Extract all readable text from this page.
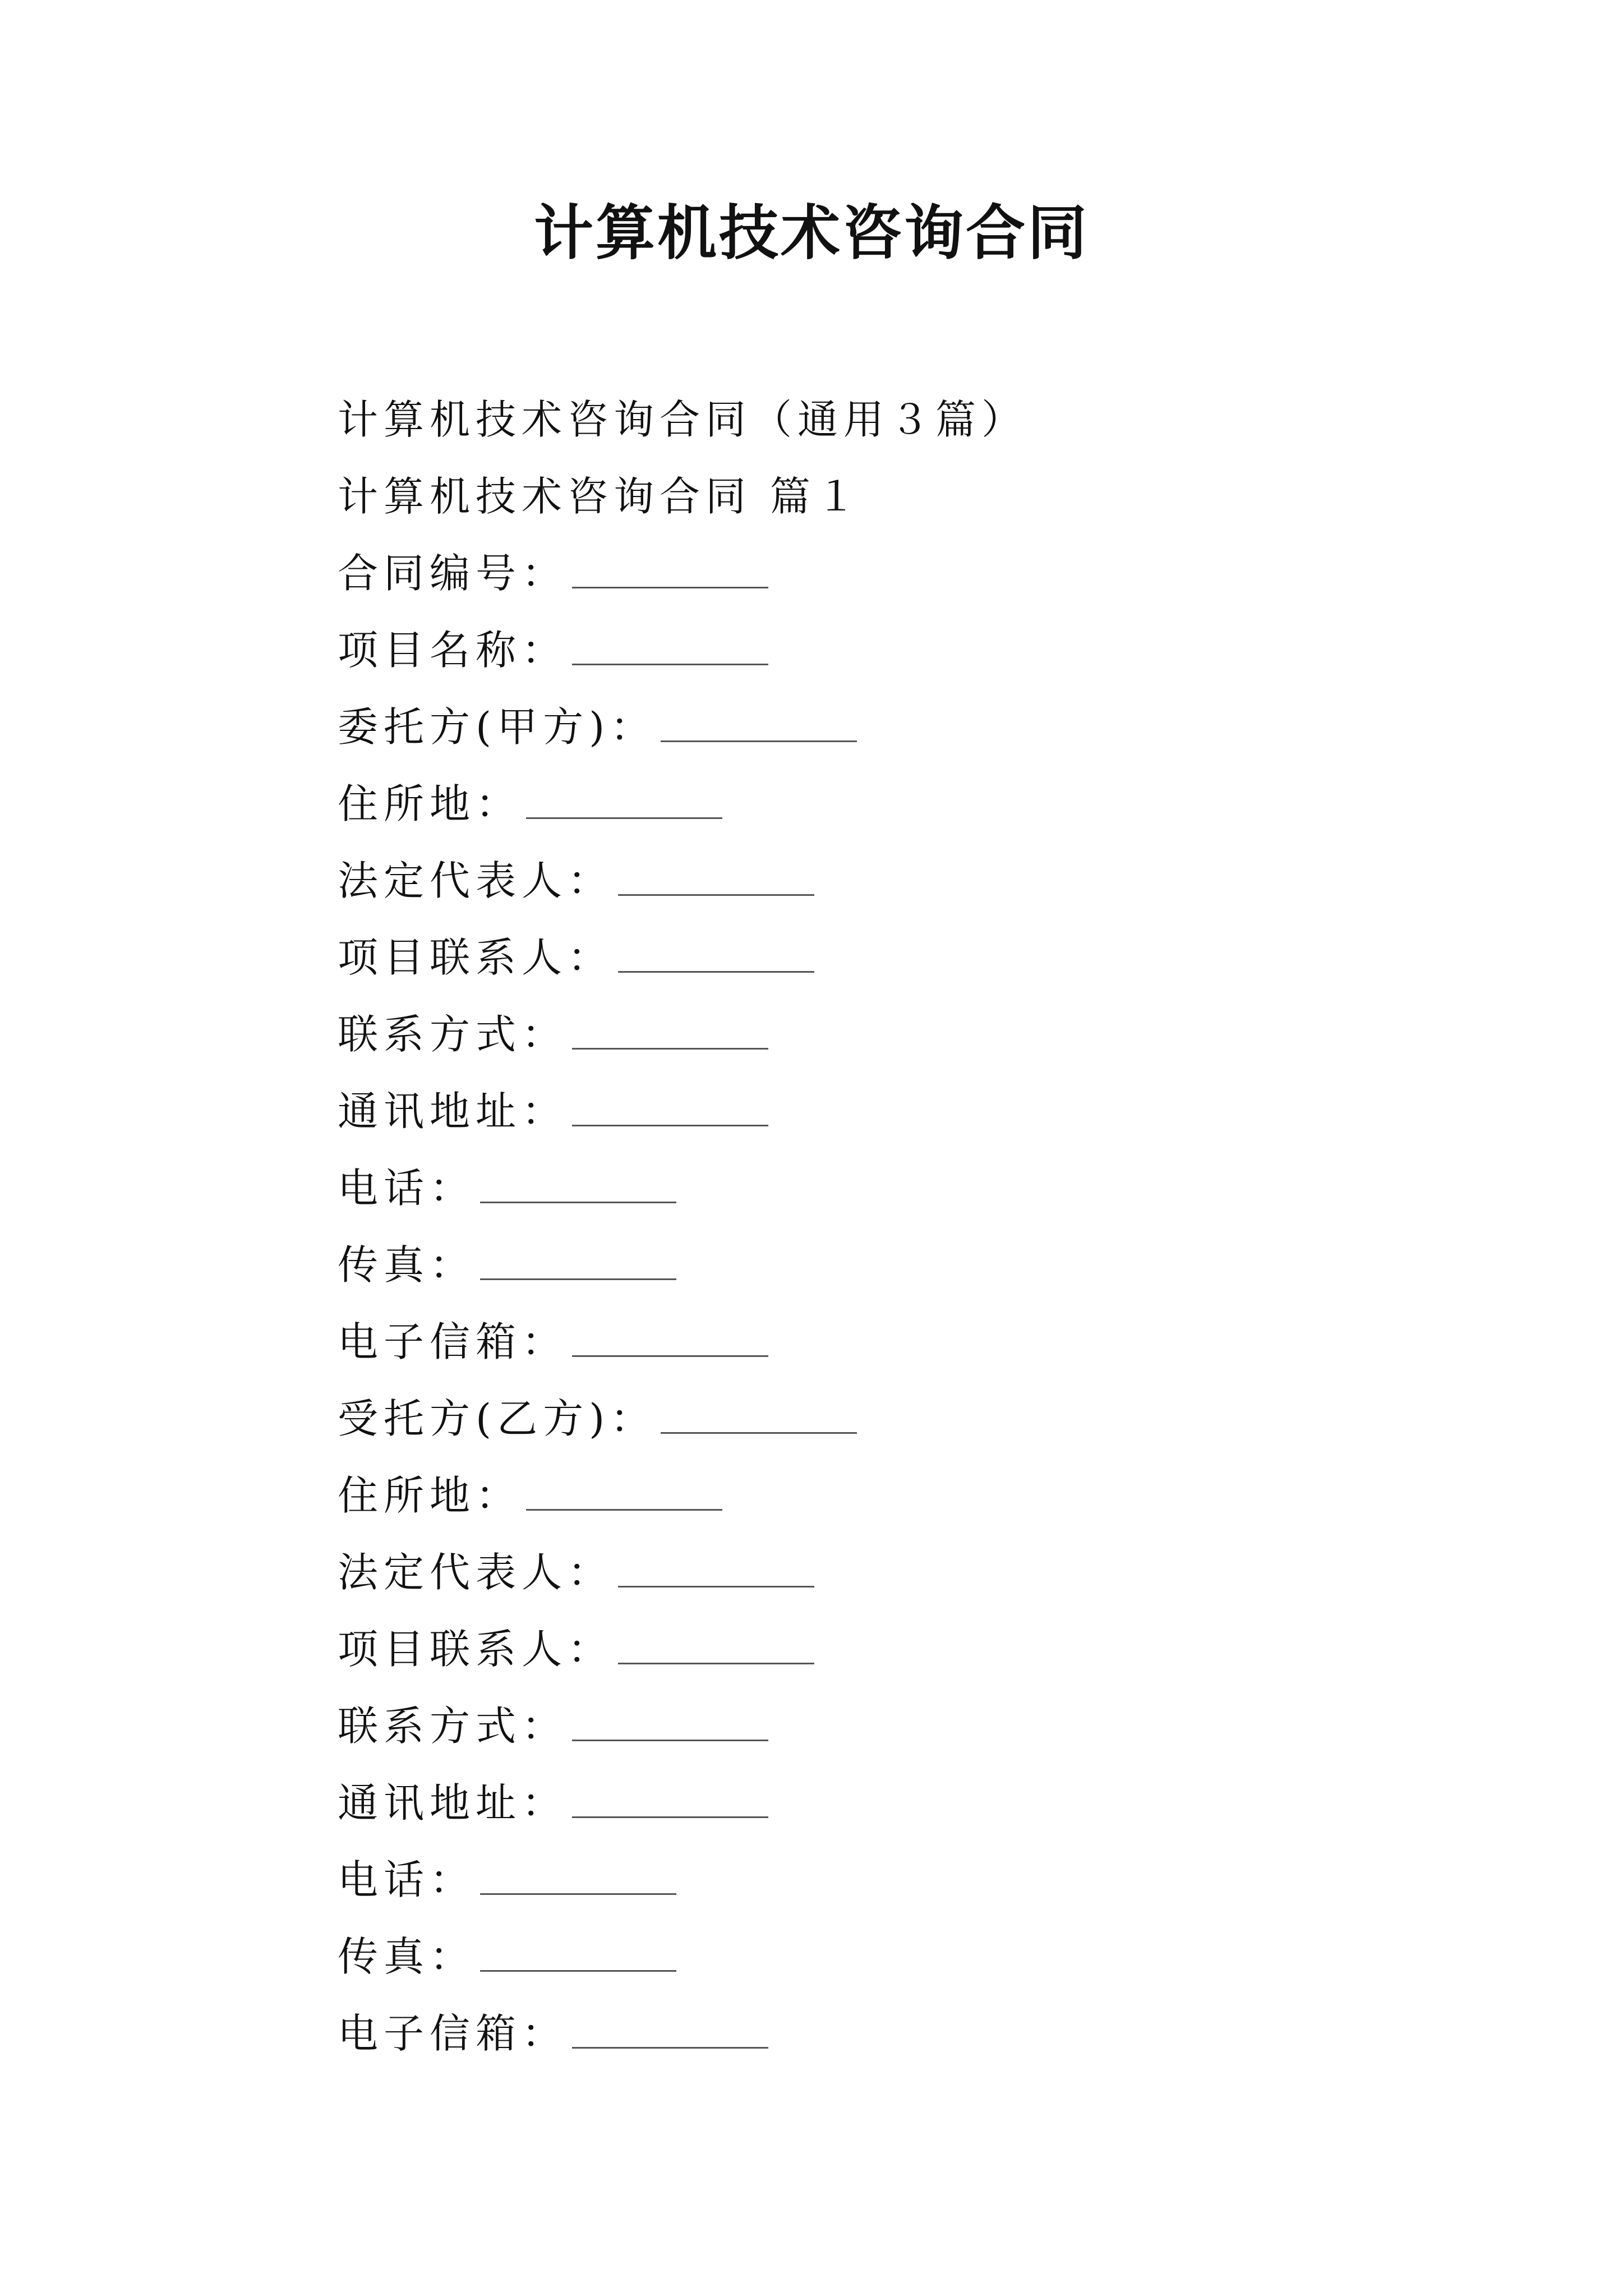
计算机技术咨询合同
计算机技术咨询合同（通用３篇）
计算机技术咨询合同 篇１
合同编号：
项目名称：
委托方(甲方)：
住所地：
法定代表人：
项目联系人：
联系方式：
通讯地址：
电话：
传真：
电子信箱：
受托方(乙方)：
住所地：
法定代表人：
项目联系人：
联系方式：
通讯地址：
电话：
传真：
电子信箱：
